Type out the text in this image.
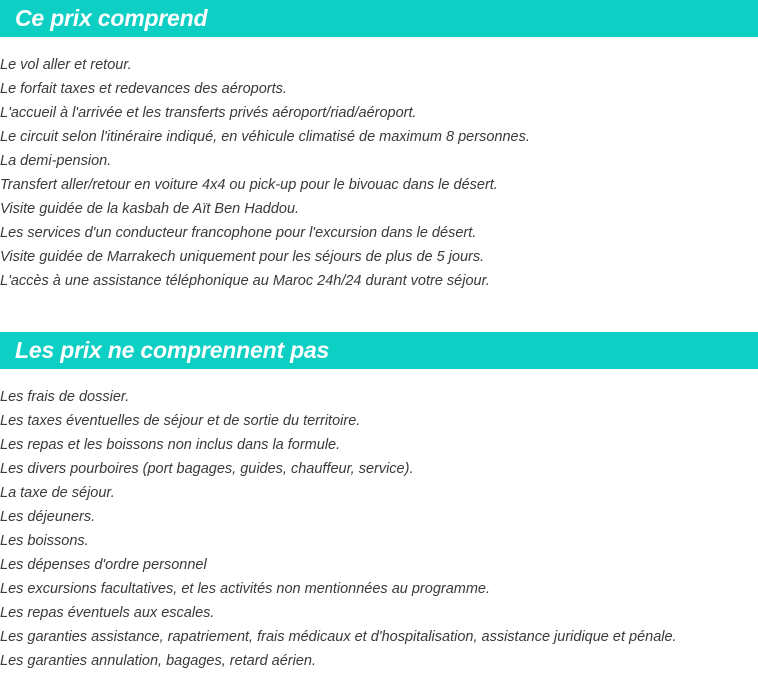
Ce prix comprend
Le vol aller et retour.
Le forfait taxes et redevances des aéroports.
L'accueil à l'arrivée et les transferts privés aéroport/riad/aéroport.
Le circuit selon l'itinéraire indiqué, en véhicule climatisé de maximum 8 personnes.
La demi-pension.
Transfert aller/retour en voiture 4x4 ou pick-up pour le bivouac dans le désert.
Visite guidée de la kasbah de Aït Ben Haddou.
Les services d'un conducteur francophone pour l'excursion dans le désert.
Visite guidée de Marrakech uniquement pour les séjours de plus de 5 jours.
L'accès à une assistance téléphonique au Maroc 24h/24 durant votre séjour.
Les prix ne comprennent pas
Les frais de dossier.
Les taxes éventuelles de séjour et de sortie du territoire.
Les repas et les boissons non inclus dans la formule.
Les divers pourboires (port bagages, guides, chauffeur, service).
La taxe de séjour.
Les déjeuners.
Les boissons.
Les dépenses d'ordre personnel
Les excursions facultatives, et les activités non mentionnées au programme.
Les repas éventuels aux escales.
Les garanties assistance, rapatriement, frais médicaux et d'hospitalisation, assistance juridique et pénale.
Les garanties annulation, bagages, retard aérien.
